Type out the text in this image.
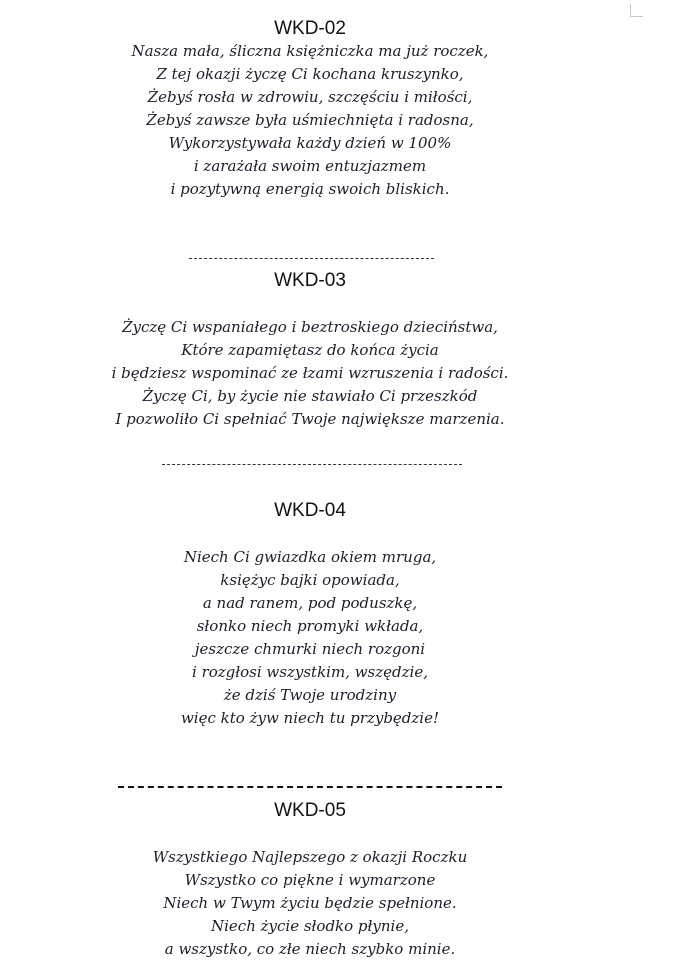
WKD-02
Nasza mała, śliczna księżniczka ma już roczek,
Z tej okazji życzę Ci kochana kruszynko,
Żebyś rosła w zdrowiu, szczęściu i miłości,
Żebyś zawsze była uśmiechnięta i radosna,
Wykorzystywała każdy dzień w 100%
i zarażała swoim entuzjazmem
i pozytywną energią swoich bliskich.
WKD-03
Życzę Ci wspaniałego i beztroskiego dzieciństwa,
Które zapamiętasz do końca życia
i będziesz wspominać ze łzami wzruszenia i radości.
Życzę Ci, by życie nie stawiało Ci przeszkód
I pozwoliło Ci spełniać Twoje największe marzenia.
WKD-04
Niech Ci gwiazdka okiem mruga,
księżyc bajki opowiada,
a nad ranem, pod poduszkę,
słonko niech promyki wkłada,
jeszcze chmurki niech rozgoni
i rozgłosi wszystkim, wszędzie,
że dziś Twoje urodziny
więc kto żyw niech tu przybędzie!
WKD-05
Wszystkiego Najlepszego z okazji Roczku
Wszystko co piękne i wymarzone
Niech w Twym życiu będzie spełnione.
Niech życie słodko płynie,
a wszystko, co złe niech szybko minie.
